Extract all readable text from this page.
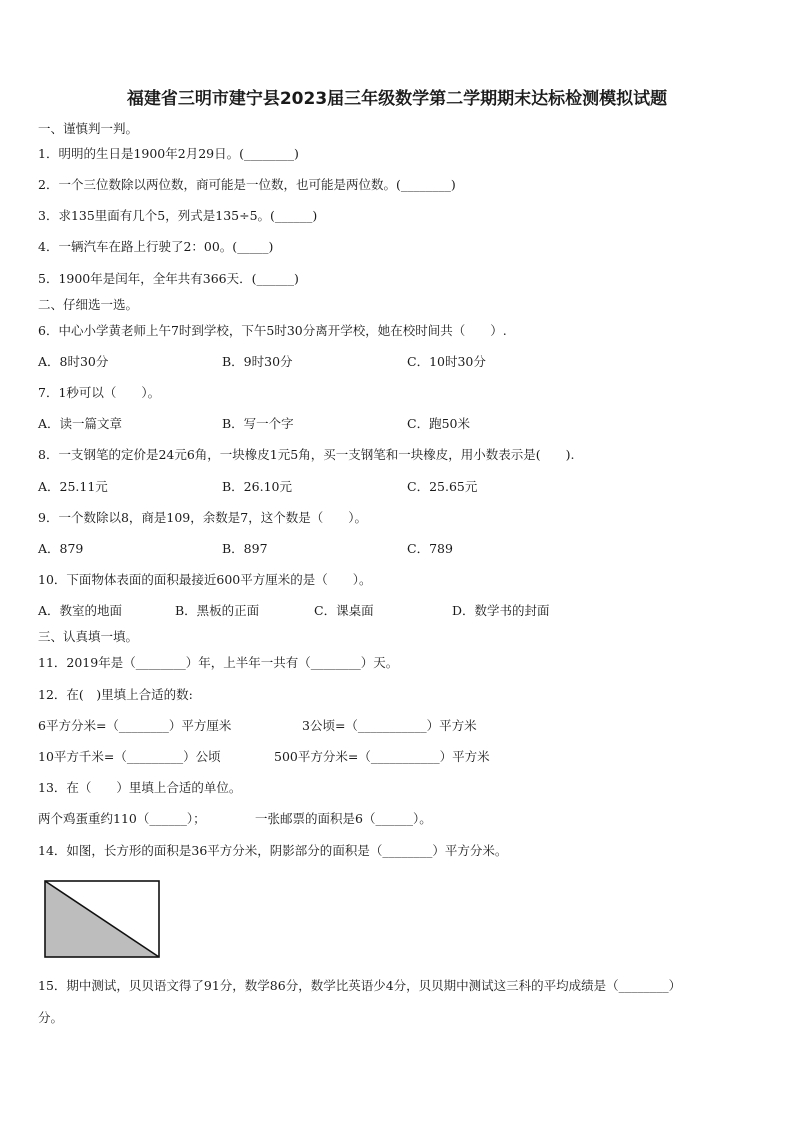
福建省三明市建宁县2023届三年级数学第二学期期末达标检测模拟试题
一、谨慎判一判。
1．明明的生日是1900年2月29日。(________)
2．一个三位数除以两位数，商可能是一位数，也可能是两位数。(________)
3．求135里面有几个5，列式是135÷5。(______)
4．一辆汽车在路上行驶了2：00。(_____)
5．1900年是闰年，全年共有366天．(______)
二、仔细选一选。
6．中心小学黄老师上午7时到学校，下午5时30分离开学校，她在校时间共（　　）.
A．8时30分	B．9时30分	C．10时30分
7．1秒可以（　　）。
A．读一篇文章	B．写一个字	C．跑50米
8．一支钢笔的定价是24元6角，一块橡皮1元5角，买一支钢笔和一块橡皮，用小数表示是(　　).
A．25.11元	B．26.10元	C．25.65元
9．一个数除以8，商是109，余数是7，这个数是（　　）。
A．879	B．897	C．789
10．下面物体表面的面积最接近600平方厘米的是（　　）。
A．教室的地面	B．黑板的正面	C．课桌面	D．数学书的封面
三、认真填一填。
11．2019年是（________）年，上半年一共有（________）天。
12．在(　)里填上合适的数:
6平方分米=（________）平方厘米	3公顷=（___________）平方米
10平方千米=（_________）公顷	500平方分米=（___________）平方米
13．在（　　）里填上合适的单位。
两个鸡蛋重约110（______）；	一张邮票的面积是6（______）。
14．如图，长方形的面积是36平方分米，阴影部分的面积是（________）平方分米。
15．期中测试，贝贝语文得了91分，数学86分，数学比英语少4分，贝贝期中测试这三科的平均成绩是（________）
分。
